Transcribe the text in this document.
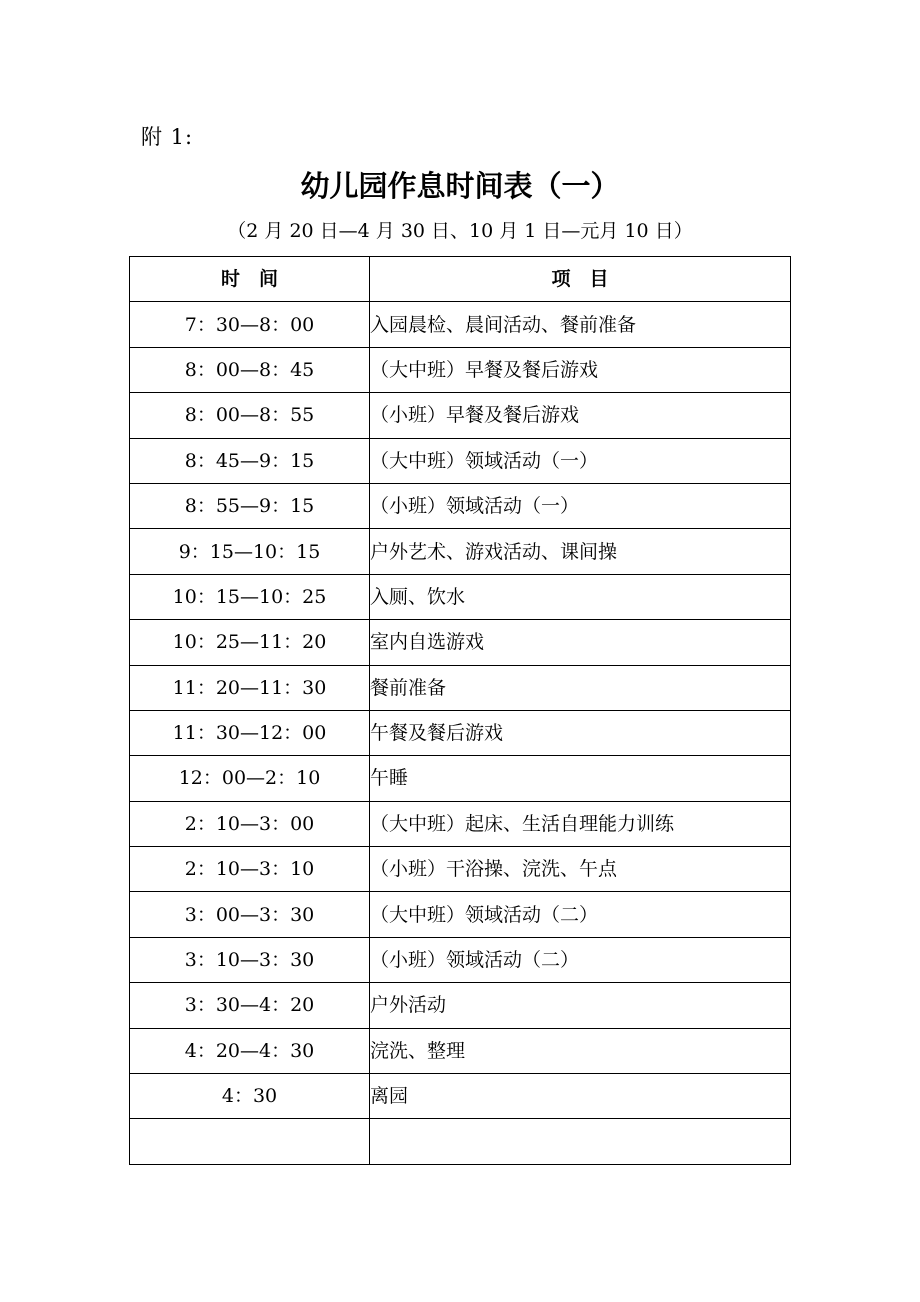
附 1:
幼儿园作息时间表（一）
（2 月 20 日—4 月 30 日、10 月 1 日—元月 10 日）
时　间	项　目
7：30—8：00	入园晨检、晨间活动、餐前准备
8：00—8：45	（大中班）早餐及餐后游戏
8：00—8：55	（小班）早餐及餐后游戏
8：45—9：15	（大中班）领域活动（一）
8：55—9：15	（小班）领域活动（一）
9：15—10：15	户外艺术、游戏活动、课间操
10：15—10：25	入厕、饮水
10：25—11：20	室内自选游戏
11：20—11：30	餐前准备
11：30—12：00	午餐及餐后游戏
12：00—2：10	午睡
2：10—3：00	（大中班）起床、生活自理能力训练
2：10—3：10	（小班）干浴操、浣洗、午点
3：00—3：30	（大中班）领域活动（二）
3：10—3：30	（小班）领域活动（二）
3：30—4：20	户外活动
4：20—4：30	浣洗、整理
4：30	离园
